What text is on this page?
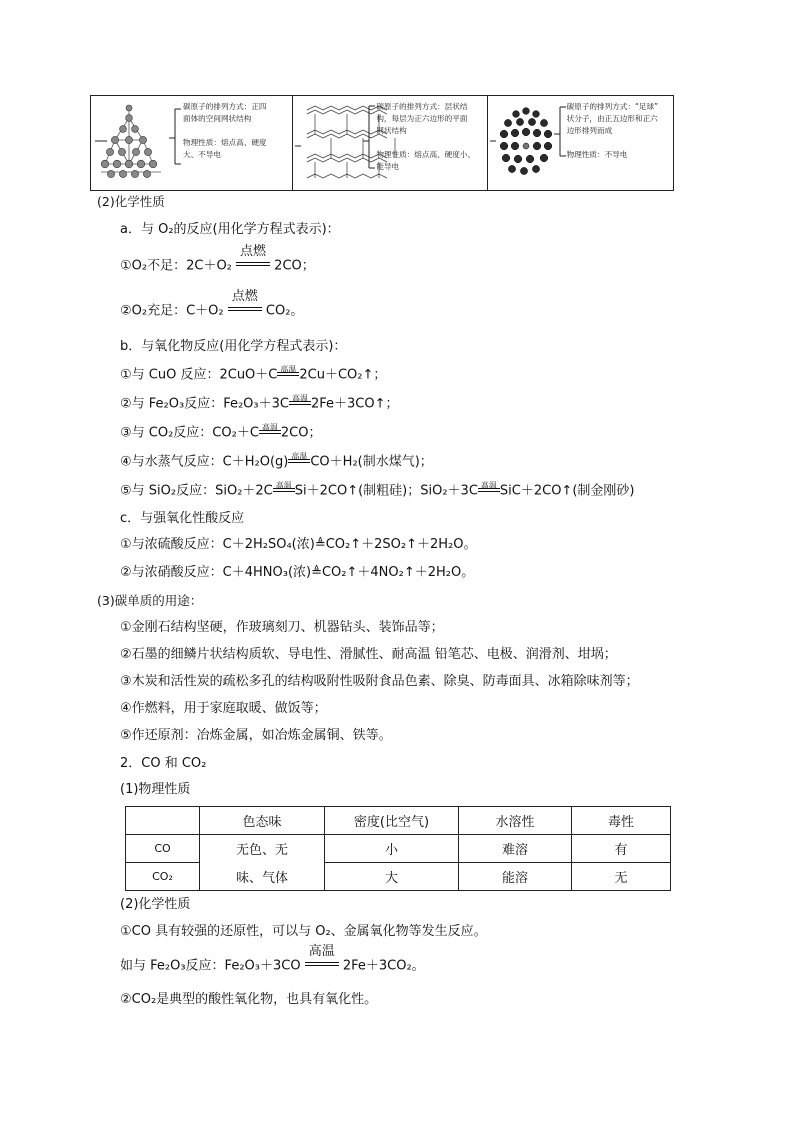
碳原子的排列方式：正四
面体的空间网状结构
物理性质：熔点高、硬度
大、不导电
碳原子的排列方式：层状结
构，每层为正六边形的平面
网状结构
物理性质：熔点高、硬度小、
能导电
碳原子的排列方式：“足球”
状分子，由正五边形和正六
边形排列而成
物理性质：不导电
(2)化学性质
a．与 O₂的反应(用化学方程式表示)：
①O₂不足：2C＋O₂
点燃
2CO；
②O₂充足：C＋O₂
点燃
CO₂。
b．与氧化物反应(用化学方程式表示)：
①与 CuO 反应：2CuO＋C 高温 2Cu＋CO₂↑；
②与 Fe₂O₃反应：Fe₂O₃＋3C 高温 2Fe＋3CO↑；
③与 CO₂反应：CO₂＋C 高温 2CO；
④与水蒸气反应：C＋H₂O(g) 高温 CO＋H₂(制水煤气)；
⑤与 SiO₂反应：SiO₂＋2C 高温 Si＋2CO↑(制粗硅)；SiO₂＋3C 高温 SiC＋2CO↑(制金刚砂)
c．与强氧化性酸反应
①与浓硫酸反应：C＋2H₂SO₄(浓)≜CO₂↑＋2SO₂↑＋2H₂O。
②与浓硝酸反应：C＋4HNO₃(浓)≜CO₂↑＋4NO₂↑＋2H₂O。
(3)碳单质的用途：
①金刚石结构坚硬，作玻璃刻刀、机器钻头、装饰品等；
②石墨的细鳞片状结构质软、导电性、滑腻性、耐高温 铅笔芯、电极、润滑剂、坩埚；
③木炭和活性炭的疏松多孔的结构吸附性吸附食品色素、除臭、防毒面具、冰箱除味剂等；
④作燃料，用于家庭取暖、做饭等；
⑤作还原剂：冶炼金属，如冶炼金属铜、铁等。
2．CO 和 CO₂
(1)物理性质
	色态味	密度(比空气)	水溶性	毒性
CO	无色、无	小	难溶	有
CO₂	味、气体	大	能溶	无
(2)化学性质
①CO 具有较强的还原性，可以与 O₂、金属氧化物等发生反应。
如与 Fe₂O₃反应：Fe₂O₃＋3CO
高温
2Fe＋3CO₂。
②CO₂是典型的酸性氧化物，也具有氧化性。
